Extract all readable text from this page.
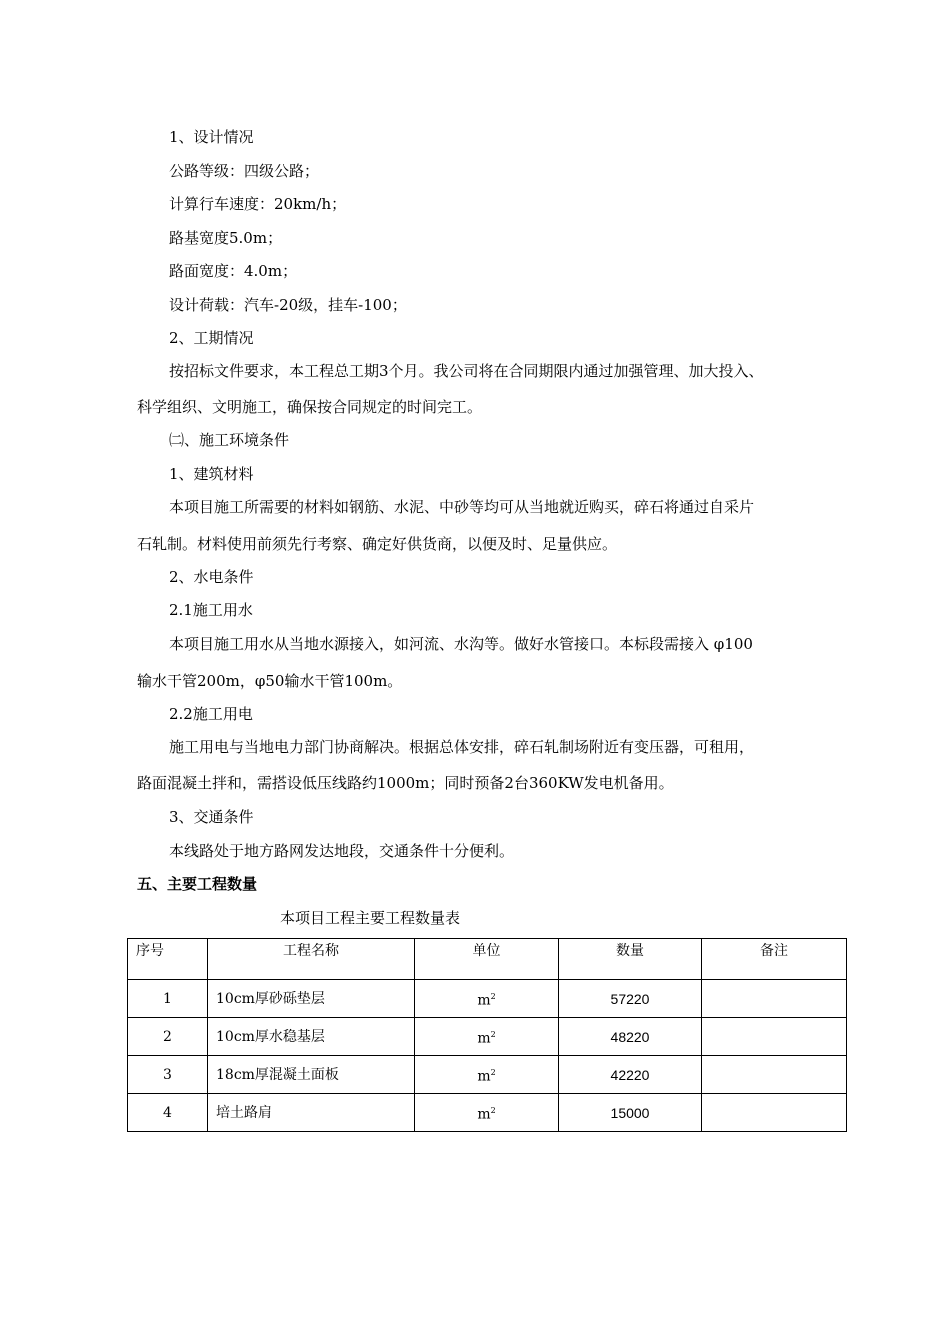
1、设计情况

公路等级：四级公路；

计算行车速度：20km/h；

路基宽度5.0m；

路面宽度：4.0m；

设计荷载：汽车-20级，挂车-100；

2、工期情况

按招标文件要求，本工程总工期3个月。我公司将在合同期限内通过加强管理、加大投入、

科学组织、文明施工，确保按合同规定的时间完工。

㈡、施工环境条件

1、建筑材料

本项目施工所需要的材料如钢筋、水泥、中砂等均可从当地就近购买，碎石将通过自采片

石轧制。材料使用前须先行考察、确定好供货商，以便及时、足量供应。

2、水电条件

2.1施工用水

本项目施工用水从当地水源接入，如河流、水沟等。做好水管接口。本标段需接入 φ100

输水干管200m，φ50输水干管100m。

2.2施工用电

施工用电与当地电力部门协商解决。根据总体安排，碎石轧制场附近有变压器，可租用，

路面混凝土拌和，需搭设低压线路约1000m；同时预备2台360KW发电机备用。

3、交通条件

本线路处于地方路网发达地段，交通条件十分便利。

五、主要工程数量

本项目工程主要工程数量表
序号	工程名称	单位	数量	备注
1	10cm厚砂砾垫层	$m^2$	57220	
2	10cm厚水稳基层	$m^2$	48220	
3	18cm厚混凝土面板	$m^2$	42220	
4	培土路肩	$m^2$	15000	
